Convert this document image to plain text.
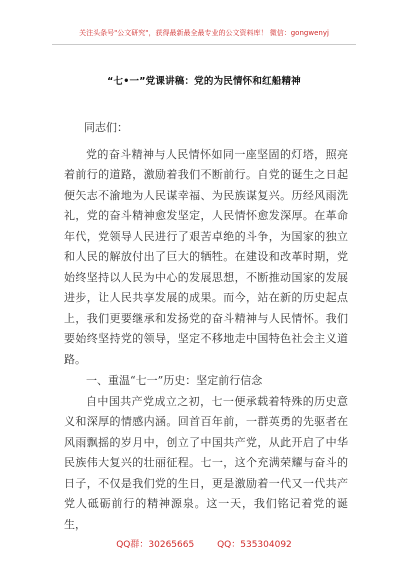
关注头条号"公文研究"，获得最新最全最专业的公文资料库！ 微信：gongwenyj
“七•一”党课讲稿：党的为民情怀和红船精神

同志们：

党的奋斗精神与人民情怀如同一座坚固的灯塔，照亮着前行的道路，激励着我们不断前行。自党的诞生之日起便矢志不渝地为人民谋幸福、为民族谋复兴。历经风雨洗礼，党的奋斗精神愈发坚定，人民情怀愈发深厚。在革命年代，党领导人民进行了艰苦卓绝的斗争，为国家的独立和人民的解放付出了巨大的牺牲。在建设和改革时期，党始终坚持以人民为中心的发展思想，不断推动国家的发展进步，让人民共享发展的成果。而今，站在新的历史起点上，我们更要继承和发扬党的奋斗精神与人民情怀。我们要始终坚持党的领导，坚定不移地走中国特色社会主义道路。

一、重温“七一”历史：坚定前行信念

自中国共产党成立之初，七一便承载着特殊的历史意义和深厚的情感内涵。回首百年前，一群英勇的先驱者在风雨飘摇的岁月中，创立了中国共产党，从此开启了中华民族伟大复兴的壮丽征程。七一，这个充满荣耀与奋斗的日子，不仅是我们党的生日，更是激励着一代又一代共产党人砥砺前行的精神源泉。这一天，我们铭记着党的诞生，

QQ群：30265665	QQ：535304092
